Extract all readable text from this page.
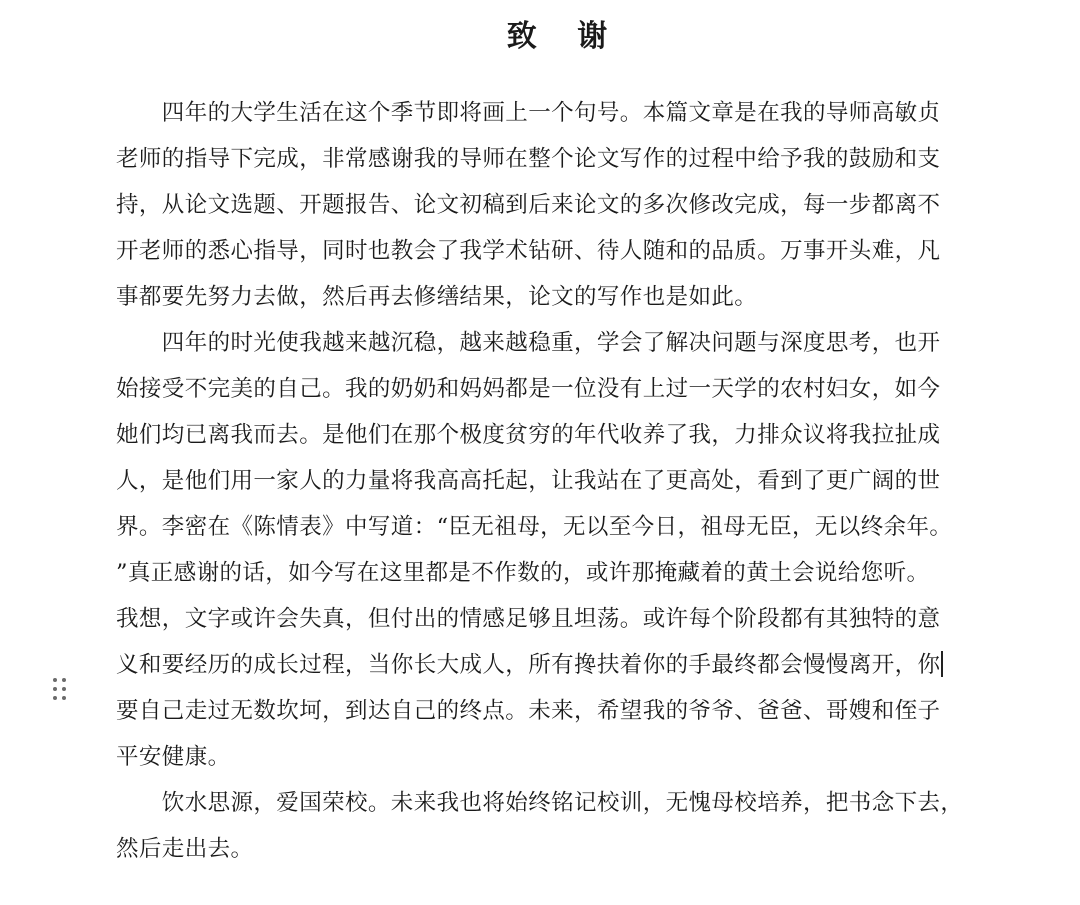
致 谢
　　四年的大学生活在这个季节即将画上一个句号。本篇文章是在我的导师高敏贞
老师的指导下完成，非常感谢我的导师在整个论文写作的过程中给予我的鼓励和支
持，从论文选题、开题报告、论文初稿到后来论文的多次修改完成，每一步都离不
开老师的悉心指导，同时也教会了我学术钻研、待人随和的品质。万事开头难，凡
事都要先努力去做，然后再去修缮结果，论文的写作也是如此。
　　四年的时光使我越来越沉稳，越来越稳重，学会了解决问题与深度思考，也开
始接受不完美的自己。我的奶奶和妈妈都是一位没有上过一天学的农村妇女，如今
她们均已离我而去。是他们在那个极度贫穷的年代收养了我，力排众议将我拉扯成
人，是他们用一家人的力量将我高高托起，让我站在了更高处，看到了更广阔的世
界。李密在《陈情表》中写道：“臣无祖母，无以至今日，祖母无臣，无以终余年。
”真正感谢的话，如今写在这里都是不作数的，或许那掩藏着的黄土会说给您听。
我想，文字或许会失真，但付出的情感足够且坦荡。或许每个阶段都有其独特的意
义和要经历的成长过程，当你长大成人，所有搀扶着你的手最终都会慢慢离开，你
要自己走过无数坎坷，到达自己的终点。未来，希望我的爷爷、爸爸、哥嫂和侄子
平安健康。
　　饮水思源，爱国荣校。未来我也将始终铭记校训，无愧母校培养，把书念下去，
然后走出去。
